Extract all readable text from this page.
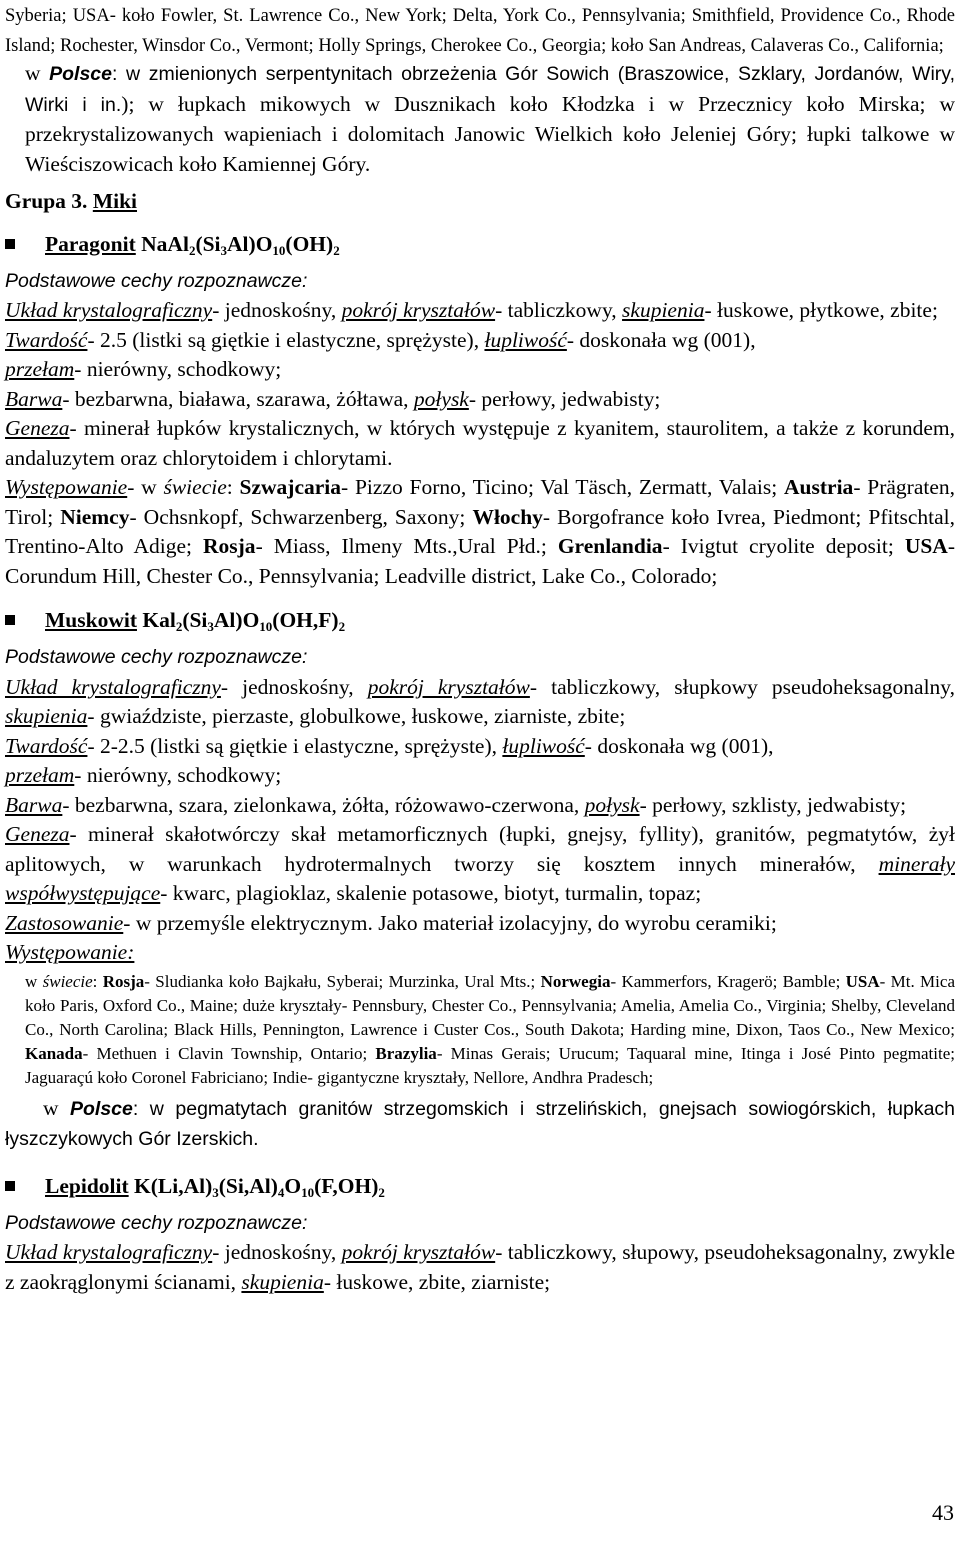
Syberia; USA- koło Fowler, St. Lawrence Co., New York; Delta, York Co., Pennsylvania; Smithfield, Providence Co., Rhode Island; Rochester, Winsdor Co., Vermont; Holly Springs, Cherokee Co., Georgia; koło San Andreas, Calaveras Co., California;

w Polsce: w zmienionych serpentynitach obrzeżenia Gór Sowich (Braszowice, Szklary, Jordanów, Wiry, Wirki i in.); w łupkach mikowych w Dusznikach koło Kłodzka i w Przecznicy koło Mirska; w przekrystalizowanych wapieniach i dolomitach Janowic Wielkich koło Jeleniej Góry; łupki talkowe w Wieściszowicach koło Kamiennej Góry.

Grupa 3. Miki

Paragonit $NaAl_2(Si_3Al)O_{10}(OH)_2$

Podstawowe cechy rozpoznawcze:

Układ krystalograficzny- jednoskośny, pokrój kryształów- tabliczkowy, skupienia- łuskowe, płytkowe, zbite;
Twardość- 2.5 (listki są giętkie i elastyczne, sprężyste), łupliwość- doskonała wg (001),
przełam- nierówny, schodkowy;
Barwa- bezbarwna, biaława, szarawa, żółtawa, połysk- perłowy, jedwabisty;
Geneza- minerał łupków krystalicznych, w których występuje z kyanitem, staurolitem, a także z korundem, andaluzytem oraz chlorytoidem i chlorytami.
Występowanie- w świecie: Szwajcaria- Pizzo Forno, Ticino; Val Täsch, Zermatt, Valais; Austria- Prägraten, Tirol; Niemcy- Ochsnkopf, Schwarzenberg, Saxony; Włochy- Borgofrance koło Ivrea, Piedmont; Pfitschtal, Trentino-Alto Adige; Rosja- Miass, Ilmeny Mts.,Ural Płd.; Grenlandia- Ivigtut cryolite deposit; USA- Corundum Hill, Chester Co., Pennsylvania; Leadville district, Lake Co., Colorado;

Muskowit $Kal_2(Si_3Al)O_{10}(OH,F)_2$

Podstawowe cechy rozpoznawcze:

Układ krystalograficzny- jednoskośny, pokrój kryształów- tabliczkowy, słupkowy pseudoheksagonalny, skupienia- gwiaździste, pierzaste, globulkowe, łuskowe, ziarniste, zbite;
Twardość- 2-2.5 (listki są giętkie i elastyczne, sprężyste), łupliwość- doskonała wg (001),
przełam- nierówny, schodkowy;
Barwa- bezbarwna, szara, zielonkawa, żółta, różowawo-czerwona, połysk- perłowy, szklisty, jedwabisty;
Geneza- minerał skałotwórczy skał metamorficznych (łupki, gnejsy, fyllity), granitów, pegmatytów, żył aplitowych, w warunkach hydrotermalnych tworzy się kosztem innych minerałów, minerały współwystępujące- kwarc, plagioklaz, skalenie potasowe, biotyt, turmalin, topaz;
Zastosowanie- w przemyśle elektrycznym. Jako materiał izolacyjny, do wyrobu ceramiki;
Występowanie:

w świecie: Rosja- Sludianka koło Bajkału, Syberai; Murzinka, Ural Mts.; Norwegia- Kammerfors, Kragerö; Bamble; USA- Mt. Mica koło Paris, Oxford Co., Maine; duże kryształy- Pennsbury, Chester Co., Pennsylvania; Amelia, Amelia Co., Virginia; Shelby, Cleveland Co., North Carolina; Black Hills, Pennington, Lawrence i Custer Cos., South Dakota; Harding mine, Dixon, Taos Co., New Mexico; Kanada- Methuen i Clavin Township, Ontario; Brazylia- Minas Gerais; Urucum; Taquaral mine, Itinga i José Pinto pegmatite; Jaguaraçú koło Coronel Fabriciano; Indie- gigantyczne kryształy, Nellore, Andhra Pradesch;

w Polsce: w pegmatytach granitów strzegomskich i strzelińskich, gnejsach sowiogórskich, łupkach łyszczykowych Gór Izerskich.

Lepidolit $K(Li,Al)_3(Si,Al)_4O_{10}(F,OH)_2$

Podstawowe cechy rozpoznawcze:

Układ krystalograficzny- jednoskośny, pokrój kryształów- tabliczkowy, słupowy, pseudoheksagonalny, zwykle z zaokrąglonymi ścianami, skupienia- łuskowe, zbite, ziarniste;

43
